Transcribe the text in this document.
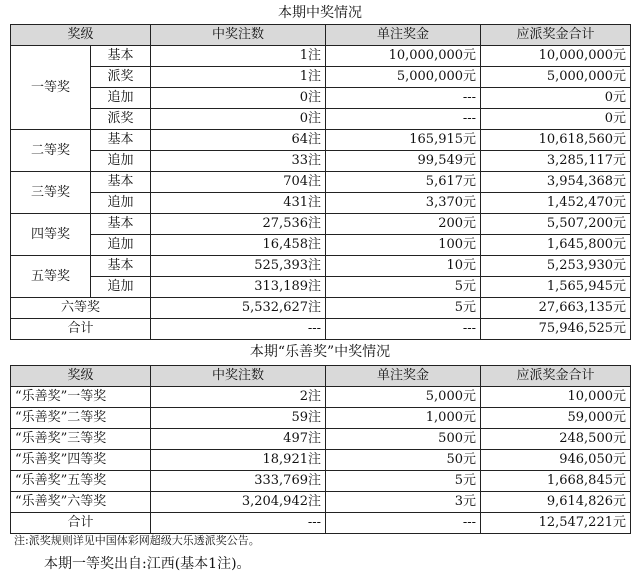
本期中奖情况
奖级		中奖注数	单注奖金	应派奖金合计
一等奖	基本	1注	10,000,000元	10,000,000元
	派奖	1注	5,000,000元	5,000,000元
	追加	0注	---	0元
	派奖	0注	---	0元
二等奖	基本	64注	165,915元	10,618,560元
	追加	33注	99,549元	3,285,117元
三等奖	基本	704注	5,617元	3,954,368元
	追加	431注	3,370元	1,452,470元
四等奖	基本	27,536注	200元	5,507,200元
	追加	16,458注	100元	1,645,800元
五等奖	基本	525,393注	10元	5,253,930元
	追加	313,189注	5元	1,565,945元
六等奖		5,532,627注	5元	27,663,135元
合计		---	---	75,946,525元
本期“乐善奖”中奖情况
奖级	中奖注数	单注奖金	应派奖金合计
“乐善奖”一等奖	2注	5,000元	10,000元
“乐善奖”二等奖	59注	1,000元	59,000元
“乐善奖”三等奖	497注	500元	248,500元
“乐善奖”四等奖	18,921注	50元	946,050元
“乐善奖”五等奖	333,769注	5元	1,668,845元
“乐善奖”六等奖	3,204,942注	3元	9,614,826元
合计	---	---	12,547,221元
注:派奖规则详见中国体彩网超级大乐透派奖公告。
本期一等奖出自:江西(基本1注)。
